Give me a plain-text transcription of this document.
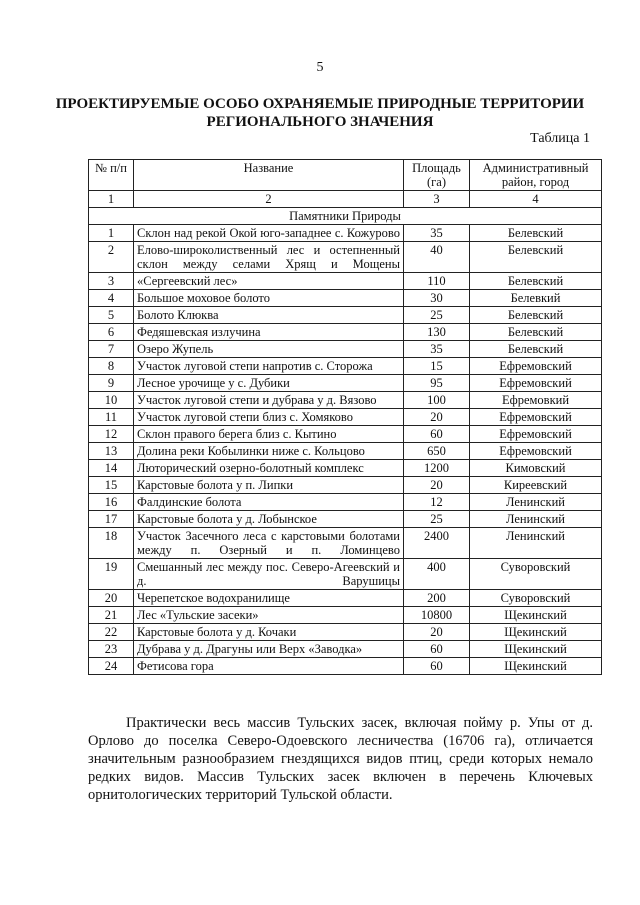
5
ПРОЕКТИРУЕМЫЕ ОСОБО ОХРАНЯЕМЫЕ ПРИРОДНЫЕ ТЕРРИТОРИИ
РЕГИОНАЛЬНОГО ЗНАЧЕНИЯ
Таблица 1
№ п/п	Название	Площадь (га)	Административный район, город
1	2	3	4
Памятники Природы			
1	Склон над рекой Окой юго-западнее с. Кожурово	35	Белевский
2	Елово-широколиственный лес и остепненный склон между селами Хрящ и Мощены	40	Белевский
3	«Сергеевский лес»	110	Белевский
4	Большое моховое болото	30	Белевкий
5	Болото Клюква	25	Белевский
6	Федяшевская излучина	130	Белевский
7	Озеро Жупель	35	Белевский
8	Участок луговой степи напротив с. Сторожа	15	Ефремовский
9	Лесное урочище у с. Дубики	95	Ефремовский
10	Участок луговой степи и дубрава у д. Вязово	100	Ефремовкий
11	Участок луговой степи близ с. Хомяково	20	Ефремовский
12	Склон правого берега близ с. Кытино	60	Ефремовский
13	Долина реки Кобылинки ниже с. Кольцово	650	Ефремовский
14	Люторический озерно-болотный комплекс	1200	Кимовский
15	Карстовые болота у п. Липки	20	Киреевский
16	Фалдинские болота	12	Ленинский
17	Карстовые болота у д. Лобынское	25	Ленинский
18	Участок Засечного леса с карстовыми болотами между п. Озерный и п. Ломинцево	2400	Ленинский
19	Смешанный лес между пос. Северо-Агеевский и д. Варушицы	400	Суворовский
20	Черепетское водохранилище	200	Суворовский
21	Лес «Тульские засеки»	10800	Щекинский
22	Карстовые болота у д. Кочаки	20	Щекинский
23	Дубрава у д. Драгуны или Верх «Заводка»	60	Щекинский
24	Фетисова гора	60	Щекинский

Практически весь массив Тульских засек, включая пойму р. Упы от д. Орлово до поселка Северо-Одоевского лесничества (16706 га), отличается значительным разнообразием гнездящихся видов птиц, среди которых немало редких видов. Массив Тульских засек включен в перечень Ключевых орнитологических территорий Тульской области.
